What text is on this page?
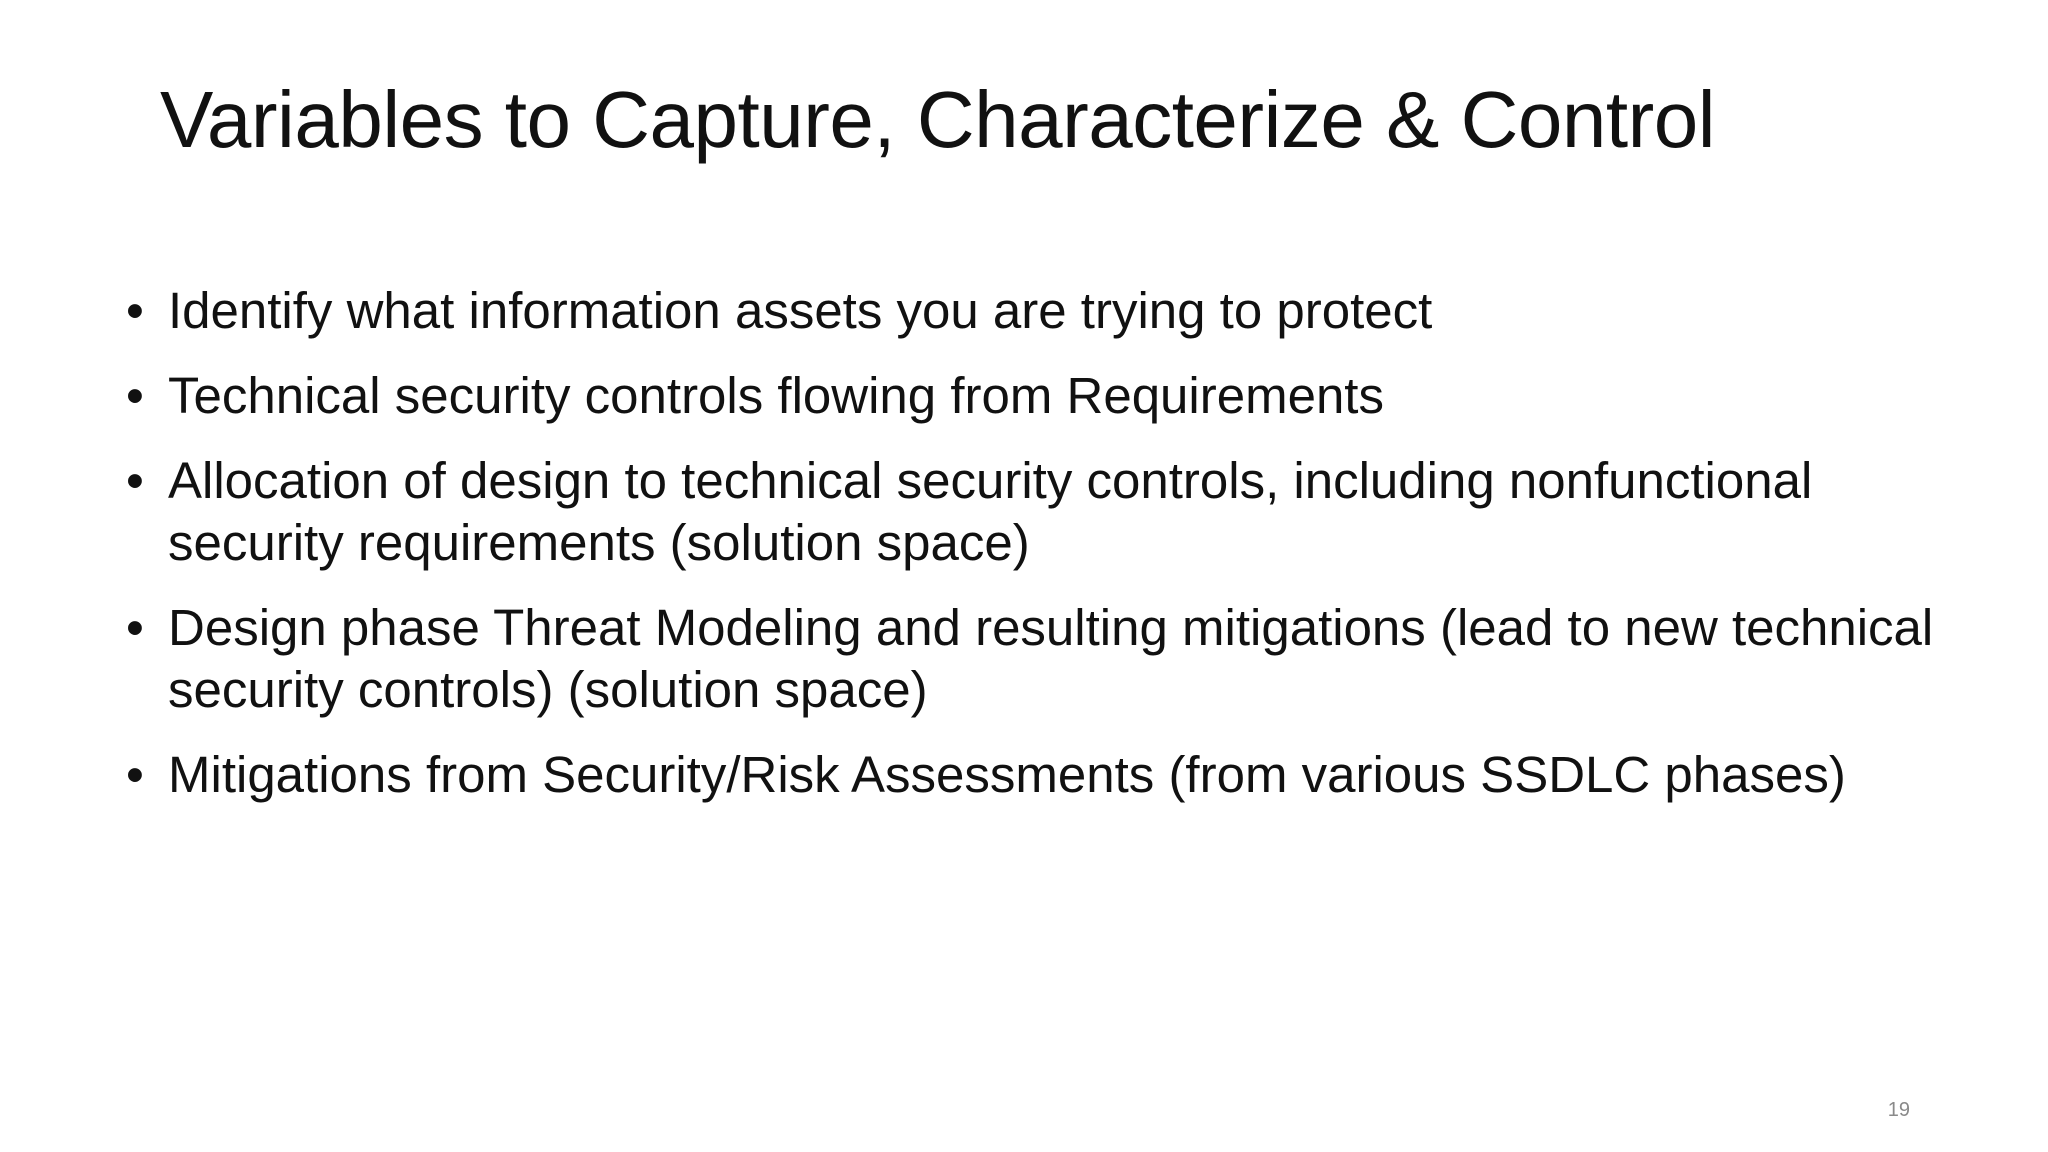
Variables to Capture, Characterize & Control
• Identify what information assets you are trying to protect
• Technical security controls flowing from Requirements
• Allocation of design to technical security controls, including nonfunctional security requirements (solution space)
• Design phase Threat Modeling and resulting mitigations (lead to new technical security controls) (solution space)
• Mitigations from Security/Risk Assessments (from various SSDLC phases)
19
